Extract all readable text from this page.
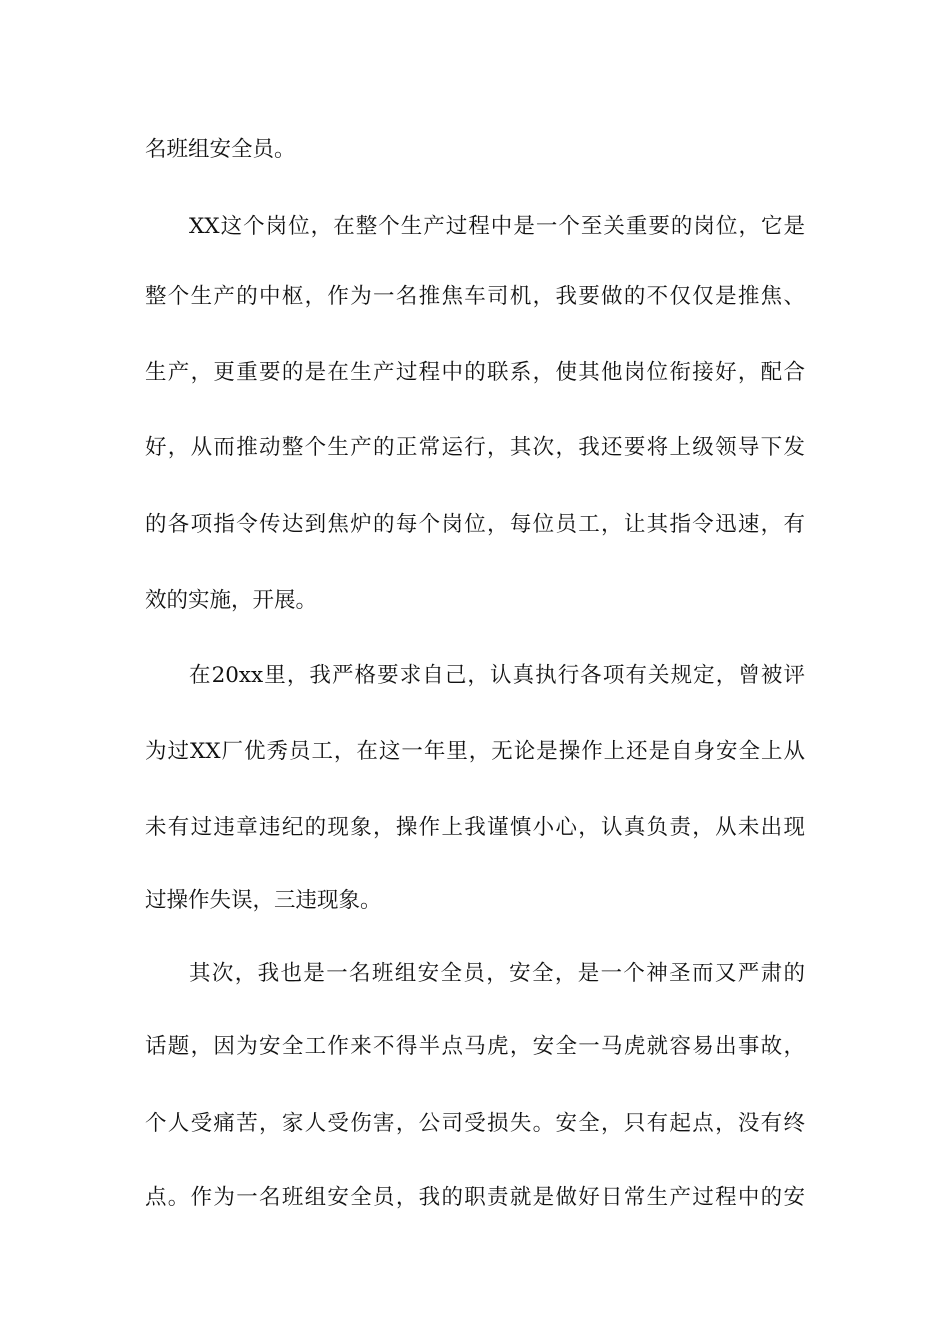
名班组安全员。

XX这个岗位，在整个生产过程中是一个至关重要的岗位，它是

整个生产的中枢，作为一名推焦车司机，我要做的不仅仅是推焦、

生产，更重要的是在生产过程中的联系，使其他岗位衔接好，配合

好，从而推动整个生产的正常运行，其次，我还要将上级领导下发

的各项指令传达到焦炉的每个岗位，每位员工，让其指令迅速，有

效的实施，开展。

在20xx里，我严格要求自己，认真执行各项有关规定，曾被评

为过XX厂优秀员工，在这一年里，无论是操作上还是自身安全上从

未有过违章违纪的现象，操作上我谨慎小心，认真负责，从未出现

过操作失误，三违现象。

其次，我也是一名班组安全员，安全，是一个神圣而又严肃的

话题，因为安全工作来不得半点马虎，安全一马虎就容易出事故，

个人受痛苦，家人受伤害，公司受损失。安全，只有起点，没有终

点。作为一名班组安全员，我的职责就是做好日常生产过程中的安
